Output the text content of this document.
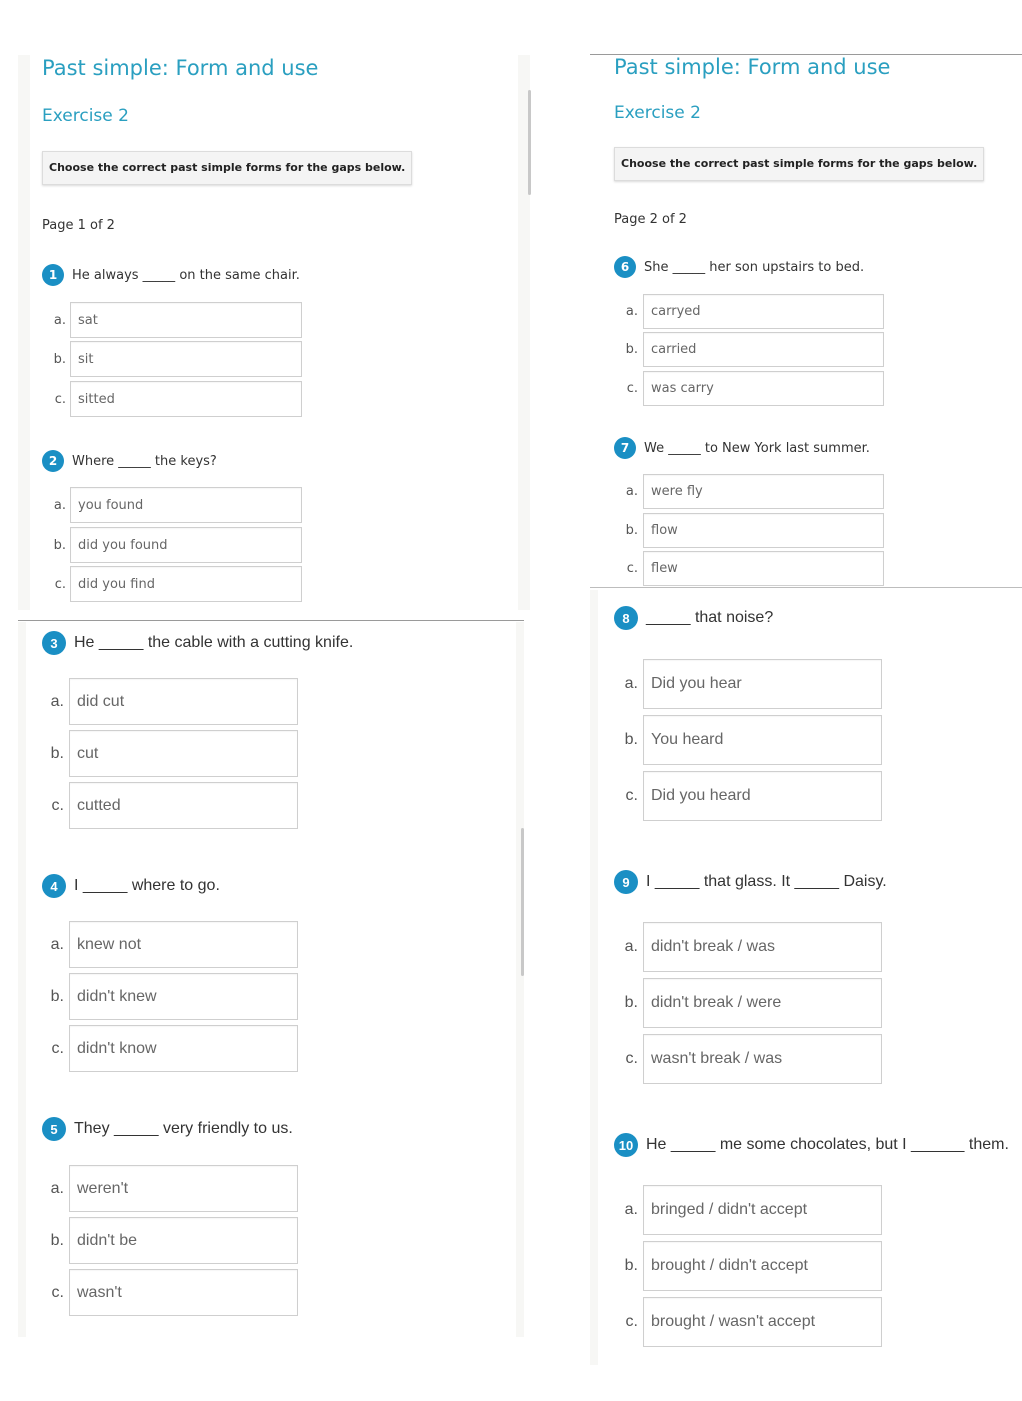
Past simple: Form and use
Exercise 2
Choose the correct past simple forms for the gaps below.
Page 1 of 2
Past simple: Form and use
Exercise 2
Choose the correct past simple forms for the gaps below.
Page 2 of 2
1	He always _____ on the same chair.
a. sat
b. sit
c. sitted
2	Where _____ the keys?
a. you found
b. did you found
c. did you find
3	He _____ the cable with a cutting knife.
a. did cut
b. cut
c. cutted
4	I _____ where to go.
a. knew not
b. didn't knew
c. didn't know
5	They _____ very friendly to us.
a. weren't
b. didn't be
c. wasn't
6	She _____ her son upstairs to bed.
a.	carryed
b.	carried
c.	was carry
7	We _____ to New York last summer.
a.	were fly
b.	flow
c.	flew
8	_____ that noise?
a. Did you hear
b. You heard
c. Did you heard
9	I _____ that glass. It _____ Daisy.
a. didn't break / was
b. didn't break / were
c. wasn't break / was
10 He _____ me some chocolates, but I ______ them.
a. bringed / didn't accept
b. brought / didn't accept
c. brought / wasn't accept
